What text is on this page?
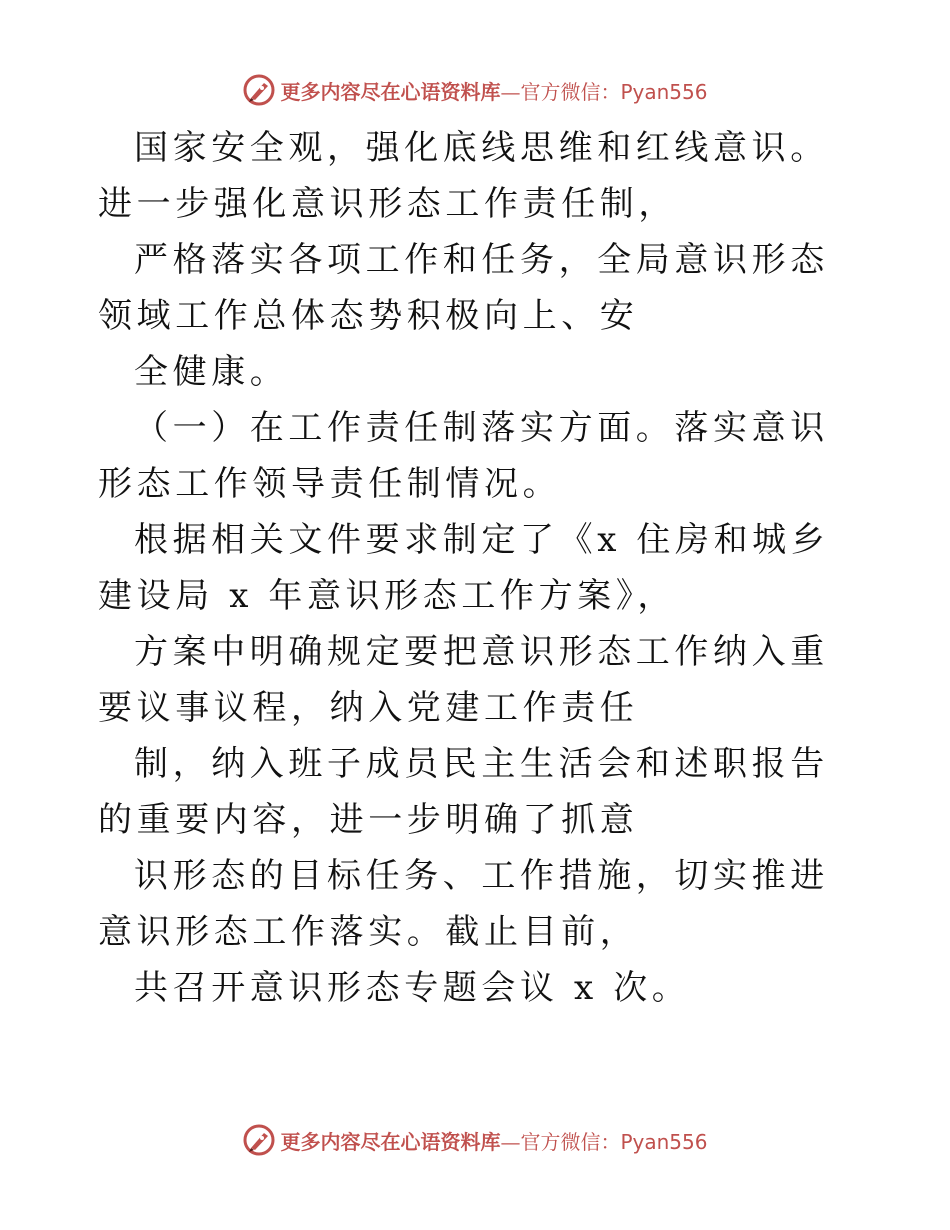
更多内容尽在心语资料库—官方微信：Pyan556

国家安全观，强化底线思维和红线意识。进一步强化意识形态工作责任制，

严格落实各项工作和任务，全局意识形态领域工作总体态势积极向上、安

全健康。

（一）在工作责任制落实方面。落实意识形态工作领导责任制情况。

根据相关文件要求制定了《x 住房和城乡建设局 x 年意识形态工作方案》，

方案中明确规定要把意识形态工作纳入重要议事议程，纳入党建工作责任

制，纳入班子成员民主生活会和述职报告的重要内容，进一步明确了抓意

识形态的目标任务、工作措施，切实推进意识形态工作落实。截止目前，

共召开意识形态专题会议 x 次。

更多内容尽在心语资料库—官方微信：Pyan556
